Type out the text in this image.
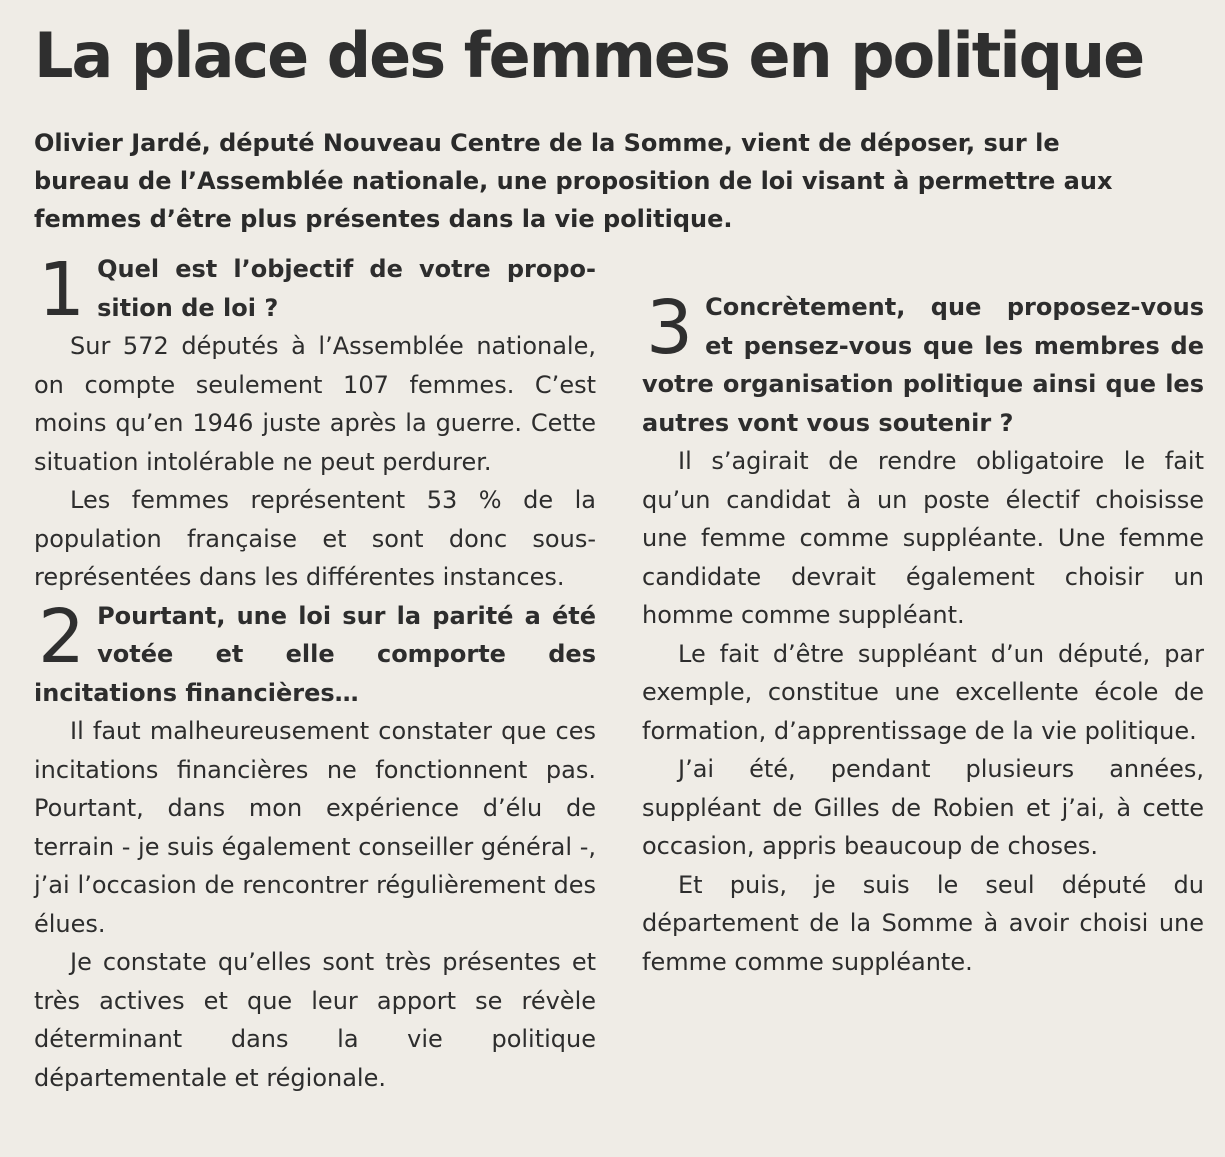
La place des femmes en politique

Olivier Jardé, député Nouveau Centre de la Somme, vient de déposer, sur le bureau de l’Assemblée nationale, une proposition de loi visant à permettre aux femmes d’être plus présentes dans la vie politique.

1 Quel est l’objectif de votre proposition de loi ?

Sur 572 députés à l’Assemblée nationale, on compte seulement 107 femmes. C’est moins qu’en 1946 juste après la guerre. Cette situation intolérable ne peut perdurer.

Les femmes représentent 53 % de la population française et sont donc sous-représentées dans les différentes instances.

2 Pourtant, une loi sur la parité a été votée et elle comporte des incitations financières…

Il faut malheureusement constater que ces incitations financières ne fonctionnent pas. Pourtant, dans mon expérience d’élu de terrain - je suis également conseiller général -, j’ai l’occasion de rencontrer régulièrement des élues.

Je constate qu’elles sont très présentes et très actives et que leur apport se révèle déterminant dans la vie politique départementale et régionale.

3 Concrètement, que proposez-vous et pensez-vous que les membres de votre organisation politique ainsi que les autres vont vous soutenir ?

Il s’agirait de rendre obligatoire le fait qu’un candidat à un poste électif choisisse une femme comme suppléante. Une femme candidate devrait également choisir un homme comme suppléant.

Le fait d’être suppléant d’un député, par exemple, constitue une excellente école de formation, d’apprentissage de la vie politique.

J’ai été, pendant plusieurs années, suppléant de Gilles de Robien et j’ai, à cette occasion, appris beaucoup de choses.

Et puis, je suis le seul député du département de la Somme à avoir choisi une femme comme suppléante.
